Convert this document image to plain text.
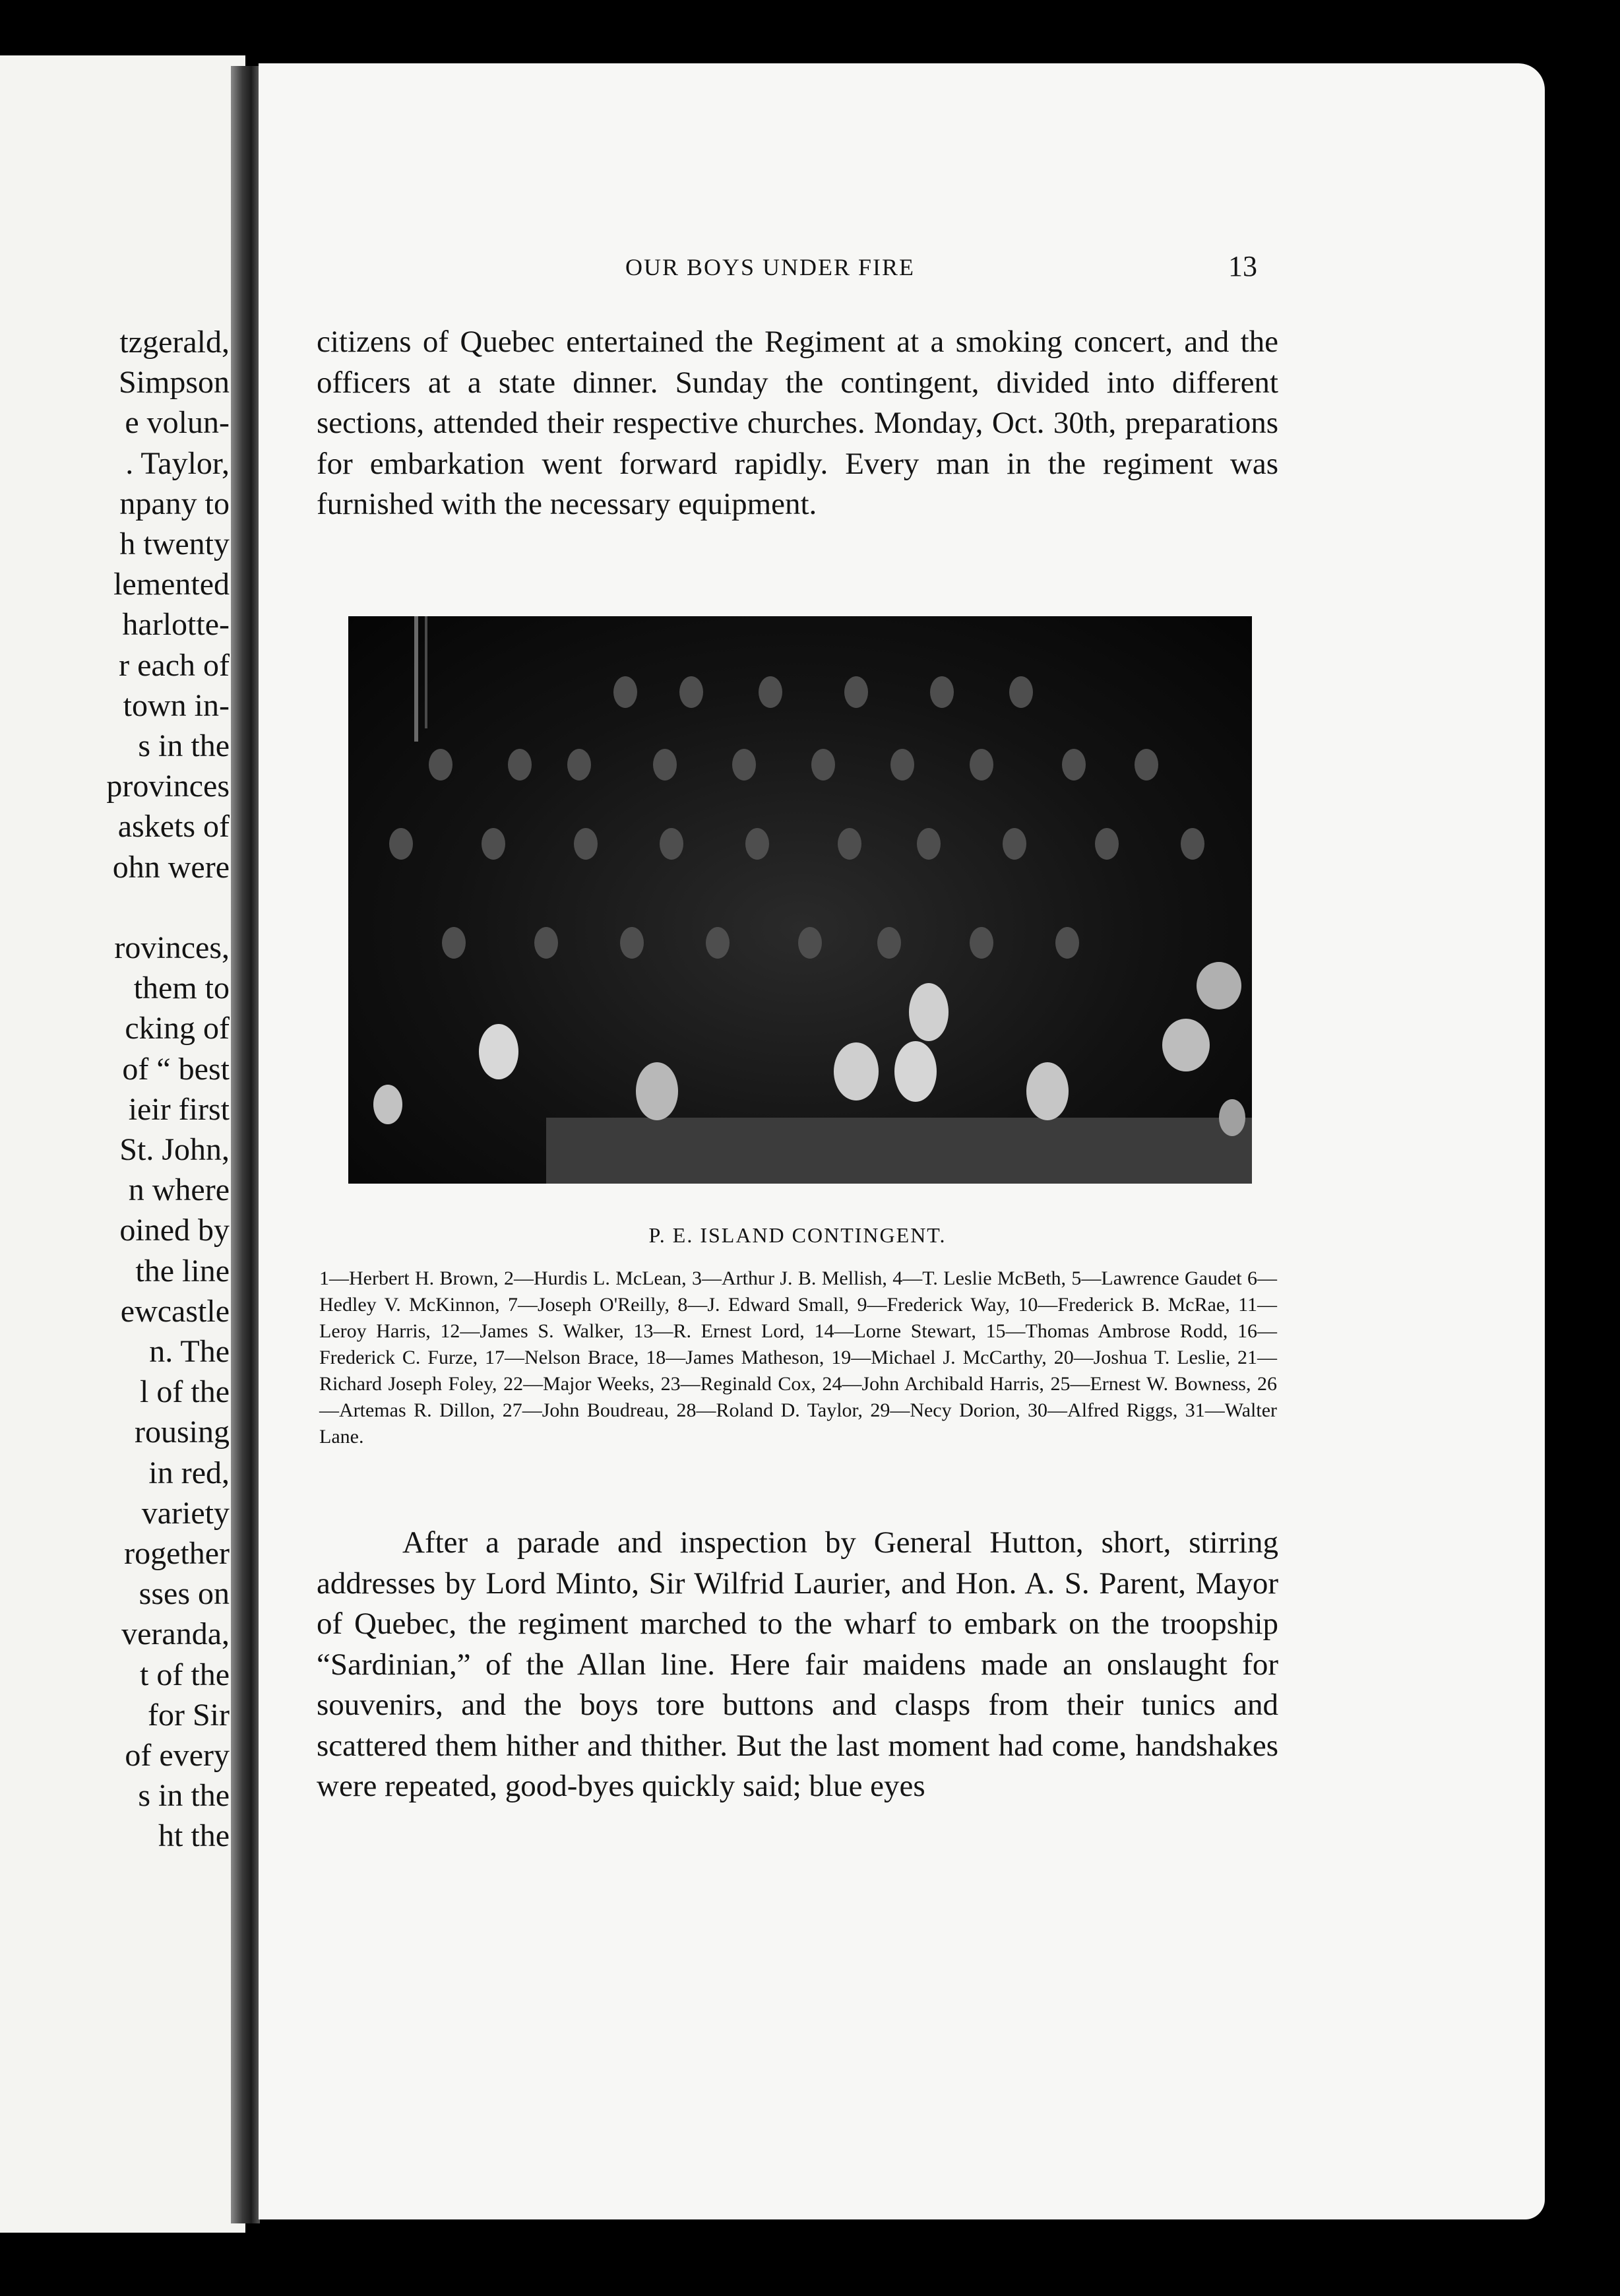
tzgerald,
Simpson
e volun-
. Taylor,
npany to
h twenty
lemented
harlotte-
r each of
town in-
s in the
provinces
askets of
ohn were
rovinces,
them to
cking of
of “ best
ieir first
St. John,
n where
oined by
the line
ewcastle
n. The
l of the
rousing
in red,
variety
rogether
sses on
veranda,
t of the
for Sir
of every
s in the
ht the
OUR BOYS UNDER FIRE	13
citizens of Quebec entertained the Regiment at a smoking concert, and the officers at a state dinner. Sunday the contingent, divided into different sections, attended their respective churches. Monday, Oct. 30th, preparations for embarkation went forward rapidly. Every man in the regiment was furnished with the necessary equipment.
P. E. ISLAND CONTINGENT.
1—Herbert H. Brown, 2—Hurdis L. McLean, 3—Arthur J. B. Mellish, 4—T. Leslie McBeth, 5—Lawrence Gaudet 6—Hedley V. McKinnon, 7—Joseph O'Reilly, 8—J. Edward Small, 9—Frederick Way, 10—Frederick B. McRae, 11—Leroy Harris, 12—James S. Walker, 13—R. Ernest Lord, 14—Lorne Stewart, 15—Thomas Ambrose Rodd, 16—Frederick C. Furze, 17—Nelson Brace, 18—James Matheson, 19—Michael J. McCarthy, 20—Joshua T. Leslie, 21—Richard Joseph Foley, 22—Major Weeks, 23—Reginald Cox, 24—John Archibald Harris, 25—Ernest W. Bowness, 26—Artemas R. Dillon, 27—John Boudreau, 28—Roland D. Taylor, 29—Necy Dorion, 30—Alfred Riggs, 31—Walter Lane.
After a parade and inspection by General Hutton, short, stirring addresses by Lord Minto, Sir Wilfrid Laurier, and Hon. A. S. Parent, Mayor of Quebec, the regiment marched to the wharf to embark on the troopship “Sardinian,” of the Allan line. Here fair maidens made an onslaught for souvenirs, and the boys tore buttons and clasps from their tunics and scattered them hither and thither. But the last moment had come, handshakes were repeated, good-byes quickly said; blue eyes
